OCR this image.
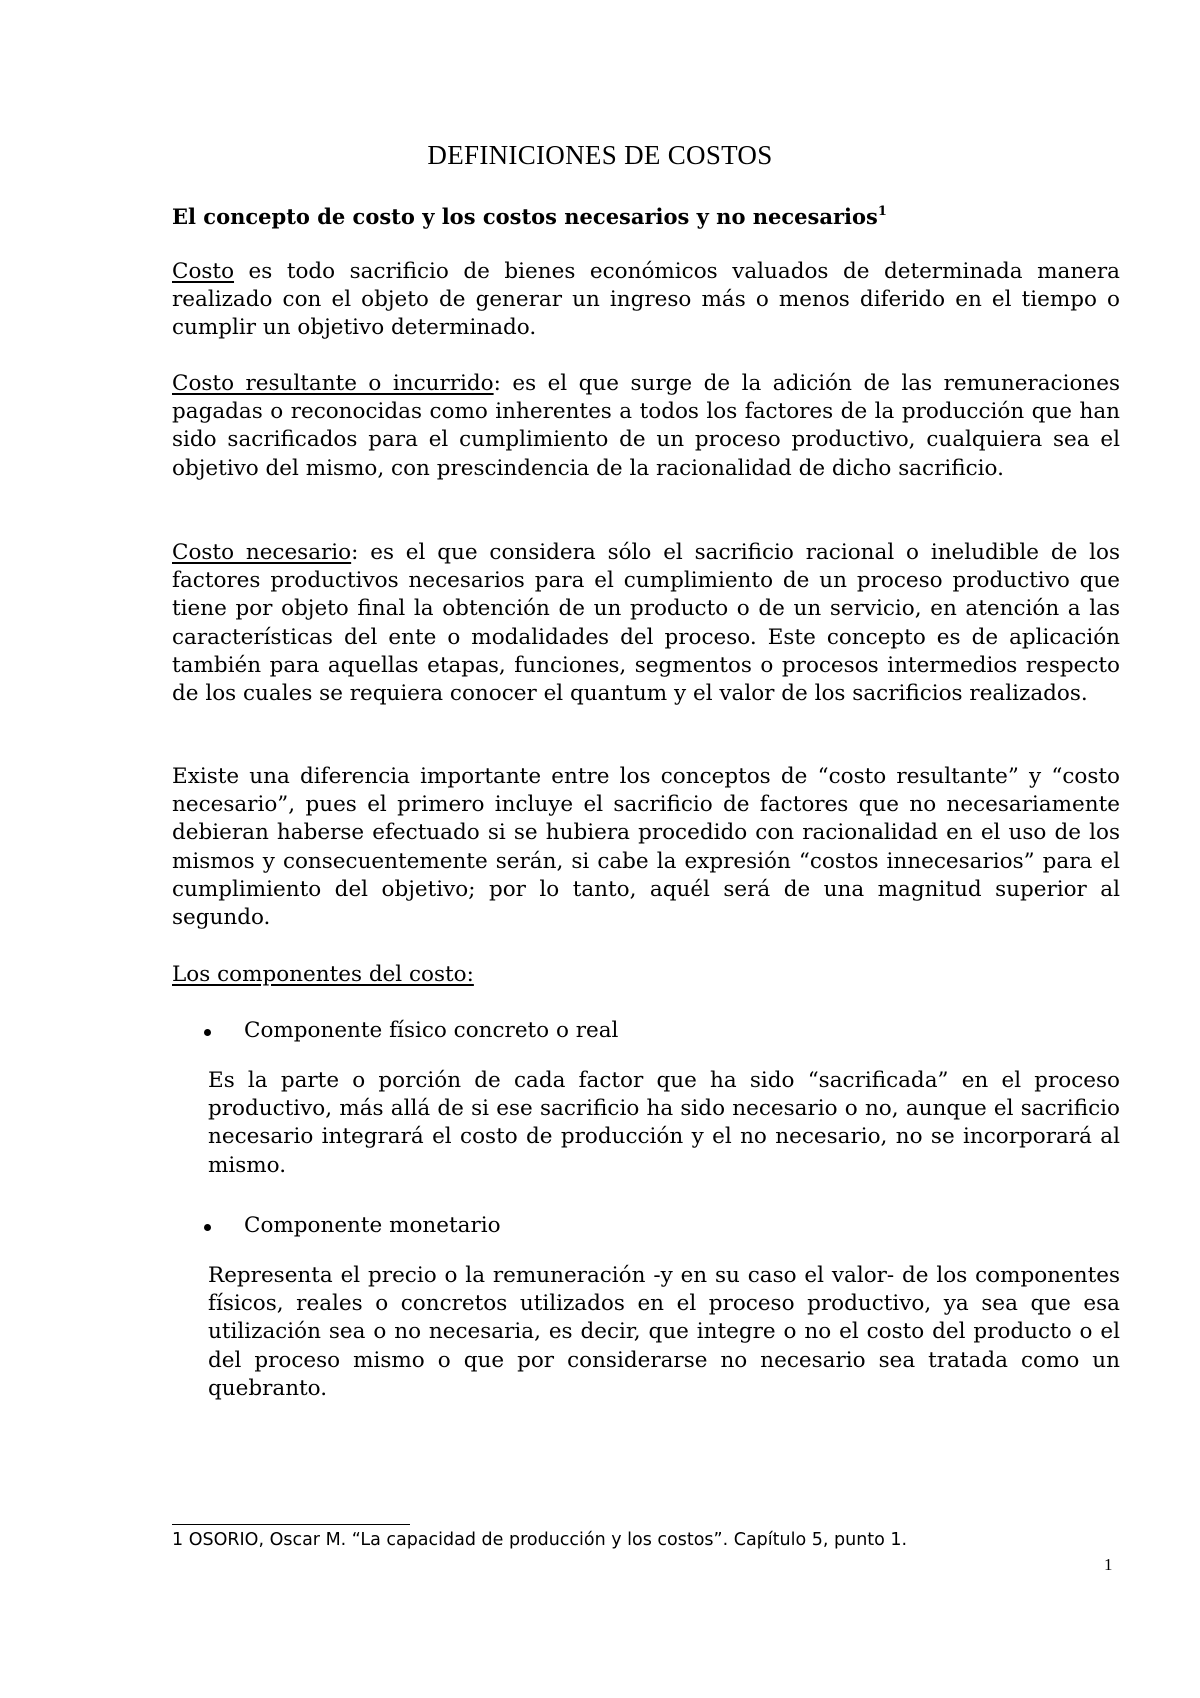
DEFINICIONES DE COSTOS
El concepto de costo y los costos necesarios y no necesarios$^1$

Costo es todo sacrificio de bienes económicos valuados de determinada manera realizado con el objeto de generar un ingreso más o menos diferido en el tiempo o cumplir un objetivo determinado.

Costo resultante o incurrido: es el que surge de la adición de las remuneraciones pagadas o reconocidas como inherentes a todos los factores de la producción que han sido sacrificados para el cumplimiento de un proceso productivo, cualquiera sea el objetivo del mismo, con prescindencia de la racionalidad de dicho sacrificio.

Costo necesario: es el que considera sólo el sacrificio racional o ineludible de los factores productivos necesarios para el cumplimiento de un proceso productivo que tiene por objeto final la obtención de un producto o de un servicio, en atención a las características del ente o modalidades del proceso. Este concepto es de aplicación también para aquellas etapas, funciones, segmentos o procesos intermedios respecto de los cuales se requiera conocer el quantum y el valor de los sacrificios realizados.

Existe una diferencia importante entre los conceptos de “costo resultante” y “costo necesario”, pues el primero incluye el sacrificio de factores que no necesariamente debieran haberse efectuado si se hubiera procedido con racionalidad en el uso de los mismos y consecuentemente serán, si cabe la expresión “costos innecesarios” para el cumplimiento del objetivo; por lo tanto, aquél será de una magnitud superior al segundo.

Los componentes del costo:

Componente físico concreto o real

Es la parte o porción de cada factor que ha sido “sacrificada” en el proceso productivo, más allá de si ese sacrificio ha sido necesario o no, aunque el sacrificio necesario integrará el costo de producción y el no necesario, no se incorporará al mismo.

Componente monetario

Representa el precio o la remuneración -y en su caso el valor- de los componentes físicos, reales o concretos utilizados en el proceso productivo, ya sea que esa utilización sea o no necesaria, es decir, que integre o no el costo del producto o el del proceso mismo o que por considerarse no necesario sea tratada como un quebranto.

1 OSORIO, Oscar M. “La capacidad de producción y los costos”. Capítulo 5, punto 1.

1
